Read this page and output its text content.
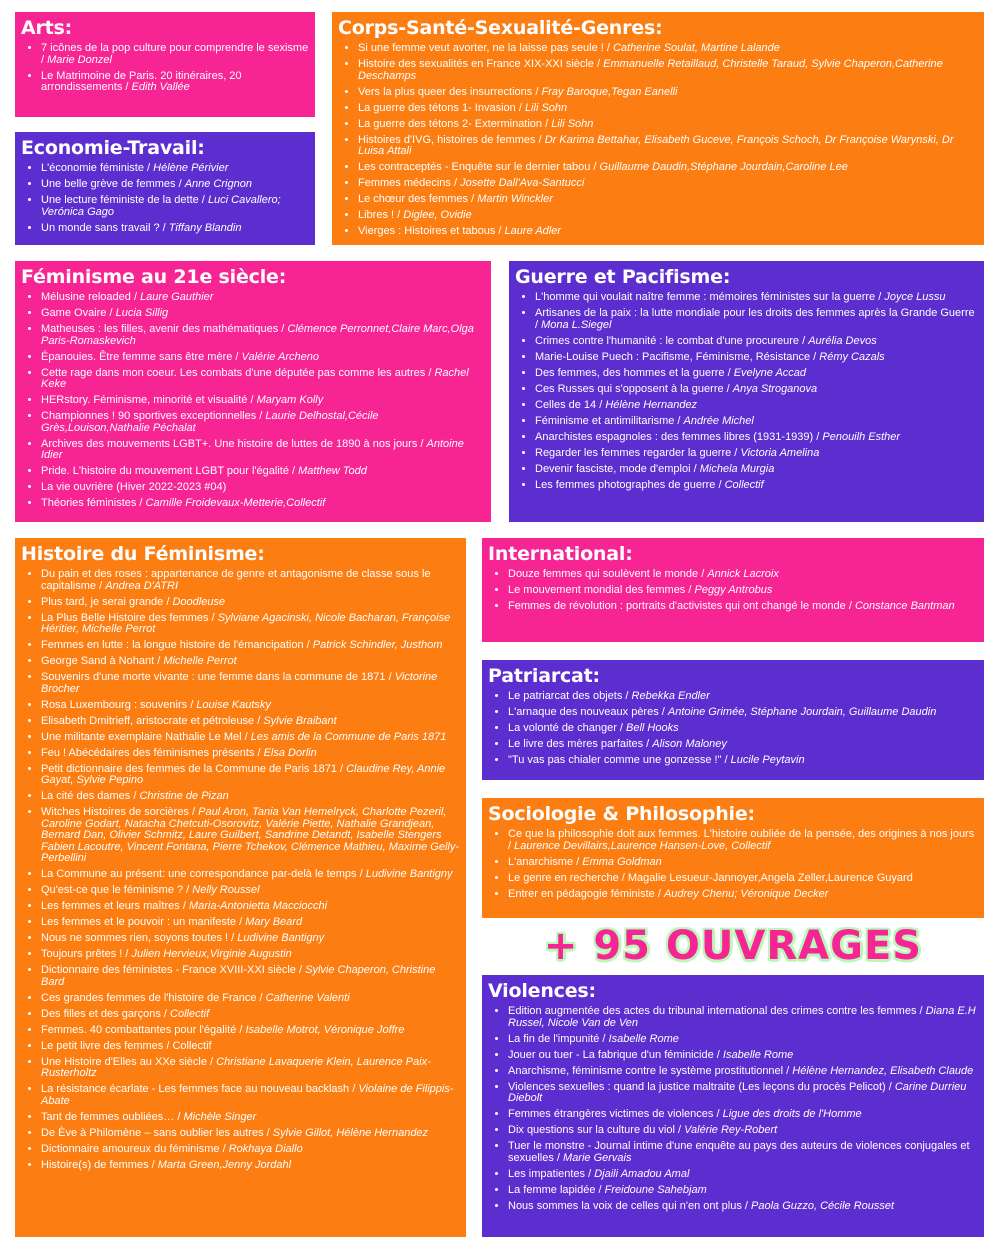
Arts:
• 7 icônes de la pop culture pour comprendre le sexisme / Marie Donzel
• Le Matrimoine de Paris. 20 itinéraires, 20 arrondissements / Edith Vallée
Economie-Travail:
• L'économie féministe / Hélène Périvier
• Une belle grève de femmes / Anne Crignon
• Une lecture féministe de la dette / Luci Cavallero; Verónica Gago
• Un monde sans travail ? / Tiffany Blandin
Corps-Santé-Sexualité-Genres:
• Si une femme veut avorter, ne la laisse pas seule ! / Catherine Soulat, Martine Lalande
• Histoire des sexualités en France XIX-XXI siècle / Emmanuelle Retaillaud, Christelle Taraud, Sylvie Chaperon,Catherine Deschamps
• Vers la plus queer des insurrections / Fray Baroque,Tegan Eanelli
• La guerre des tétons 1- Invasion / Lili Sohn
• La guerre des tétons 2- Extermination / Lili Sohn
• Histoires d'IVG, histoires de femmes / Dr Karima Bettahar, Elisabeth Guceve, François Schoch, Dr Françoise Warynski, Dr Luisa Attali
• Les contraceptés - Enquête sur le dernier tabou / Guillaume Daudin,Stéphane Jourdain,Caroline Lee
• Femmes médecins / Josette Dall'Ava-Santucci
• Le chœur des femmes / Martin Winckler
• Libres ! / Diglee, Ovidie
• Vierges : Histoires et tabous / Laure Adler
Féminisme au 21e siècle:
• Mélusine reloaded / Laure Gauthier
• Game Ovaire / Lucia Sillig
• Matheuses : les filles, avenir des mathématiques / Clémence Perronnet,Claire Marc,Olga Paris-Romaskevich
• Épanouies. Être femme sans être mère / Valérie Archeno
• Cette rage dans mon coeur. Les combats d'une députée pas comme les autres / Rachel Keke
• HERstory. Féminisme, minorité et visualité / Maryam Kolly
• Championnes ! 90 sportives exceptionnelles / Laurie Delhostal,Cécile Grès,Louison,Nathalie Péchalat
• Archives des mouvements LGBT+. Une histoire de luttes de 1890 à nos jours / Antoine Idier
• Pride. L'histoire du mouvement LGBT pour l'égalité / Matthew Todd
• La vie ouvrière (Hiver 2022-2023 #04)
• Théories féministes / Camille Froidevaux-Metterie,Collectif
Guerre et Pacifisme:
• L'homme qui voulait naître femme : mémoires féministes sur la guerre / Joyce Lussu
• Artisanes de la paix : la lutte mondiale pour les droits des femmes après la Grande Guerre / Mona L.Siegel
• Crimes contre l'humanité : le combat d'une procureure / Aurélia Devos
• Marie-Louise Puech : Pacifisme, Féminisme, Résistance / Rémy Cazals
• Des femmes, des hommes et la guerre / Evelyne Accad
• Ces Russes qui s'opposent à la guerre / Anya Stroganova
• Celles de 14 / Hélène Hernandez
• Féminisme et antimilitarisme / Andrée Michel
• Anarchistes espagnoles : des femmes libres (1931-1939) / Penouilh Esther
• Regarder les femmes regarder la guerre / Victoria Amelina
• Devenir fasciste, mode d'emploi / Michela Murgia
• Les femmes photographes de guerre / Collectif
Histoire du Féminisme:
• Du pain et des roses : appartenance de genre et antagonisme de classe sous le capitalisme / Andrea D'ATRI
• Plus tard, je serai grande / Doodleuse
• La Plus Belle Histoire des femmes / Sylviane Agacinski, Nicole Bacharan, Françoise Héritier, Michelle Perrot
• Femmes en lutte : la longue histoire de l'émancipation / Patrick Schindler, Justhom
• George Sand à Nohant / Michelle Perrot
• Souvenirs d'une morte vivante : une femme dans la commune de 1871 / Victorine Brocher
• Rosa Luxembourg : souvenirs / Louise Kautsky
• Elisabeth Dmitrieff, aristocrate et pétroleuse / Sylvie Braibant
• Une militante exemplaire Nathalie Le Mel / Les amis de la Commune de Paris 1871
• Feu ! Abécédaires des féminismes présents / Elsa Dorlin
• Petit dictionnaire des femmes de la Commune de Paris 1871 / Claudine Rey, Annie Gayat, Sylvie Pepino
• La cité des dames / Christine de Pizan
• Witches Histoires de sorcières / Paul Aron, Tania Van Hemelryck, Charlotte Pezeril, Caroline Godart, Natacha Chetcuti-Osorovitz, Valérie Piette, Nathalie Grandjean, Bernard Dan, Olivier Schmitz, Laure Guilbert, Sandrine Detandt, Isabelle Stengers Fabien Lacoutre, Vincent Fontana, Pierre Tchekov, Clémence Mathieu, Maxime Gelly-Perbellini
• La Commune au présent: une correspondance par-delà le temps / Ludivine Bantigny
• Qu'est-ce que le féminisme ? / Nelly Roussel
• Les femmes et leurs maîtres / Maria-Antonietta Macciocchi
• Les femmes et le pouvoir : un manifeste / Mary Beard
• Nous ne sommes rien, soyons toutes ! / Ludivine Bantigny
• Toujours prêtes ! / Julien Hervieux,Virginie Augustin
• Dictionnaire des féministes - France XVIII-XXI siècle / Sylvie Chaperon, Christine Bard
• Ces grandes femmes de l'histoire de France / Catherine Valenti
• Des filles et des garçons / Collectif
• Femmes. 40 combattantes pour l'égalité / Isabelle Motrot, Véronique Joffre
• Le petit livre des femmes / Collectif
• Une Histoire d'Elles au XXe siècle / Christiane Lavaquerie Klein, Laurence Paix-Rusterholtz
• La résistance écarlate - Les femmes face au nouveau backlash / Violaine de Filippis-Abate
• Tant de femmes oubliées… / Michèle Singer
• De Ève à Philomène – sans oublier les autres / Sylvie Gillot, Hélène Hernandez
• Dictionnaire amoureux du féminisme / Rokhaya Diallo
• Histoire(s) de femmes / Marta Green,Jenny Jordahl
International:
• Douze femmes qui soulèvent le monde / Annick Lacroix
• Le mouvement mondial des femmes / Peggy Antrobus
• Femmes de révolution : portraits d'activistes qui ont changé le monde / Constance Bantman
Patriarcat:
• Le patriarcat des objets / Rebekka Endler
• L'arnaque des nouveaux pères / Antoine Grimée, Stéphane Jourdain, Guillaume Daudin
• La volonté de changer / Bell Hooks
• Le livre des mères parfaites / Alison Maloney
• "Tu vas pas chialer comme une gonzesse !" / Lucile Peytavin
Sociologie & Philosophie:
• Ce que la philosophie doit aux femmes. L'histoire oubliée de la pensée, des origines à nos jours / Laurence Devillairs,Laurence Hansen-Love, Collectif
• L'anarchisme / Emma Goldman
• Le genre en recherche / Magalie Lesueur-Jannoyer,Angela Zeller,Laurence Guyard
• Entrer en pédagogie féministe / Audrey Chenu; Véronique Decker
+ 95 OUVRAGES
Violences:
• Edition augmentée des actes du tribunal international des crimes contre les femmes / Diana E.H Russel, Nicole Van de Ven
• La fin de l'impunité / Isabelle Rome
• Jouer ou tuer - La fabrique d'un féminicide / Isabelle Rome
• Anarchisme, féminisme contre le système prostitutionnel / Hélène Hernandez, Elisabeth Claude
• Violences sexuelles : quand la justice maltraite (Les leçons du procès Pelicot) / Carine Durrieu Diebolt
• Femmes étrangères victimes de violences / Ligue des droits de l'Homme
• Dix questions sur la culture du viol / Valérie Rey-Robert
• Tuer le monstre - Journal intime d'une enquête au pays des auteurs de violences conjugales et sexuelles / Marie Gervais
• Les impatientes / Djaili Amadou Amal
• La femme lapidée / Freidoune Sahebjam
• Nous sommes la voix de celles qui n'en ont plus / Paola Guzzo, Cécile Rousset
